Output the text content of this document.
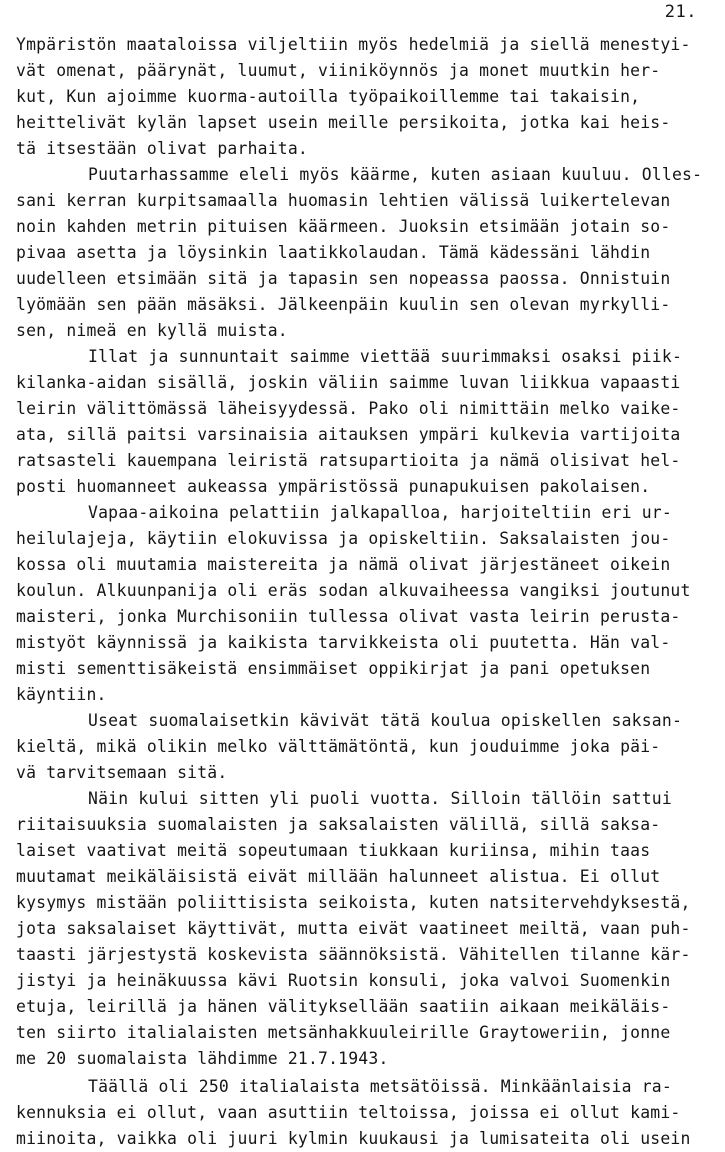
21.
Ympäristön maataloissa viljeltiin myös hedelmiä ja siellä menestyi-
vät omenat, päärynät, luumut, viiniköynnös ja monet muutkin her-
kut, Kun ajoimme kuorma-autoilla työpaikoillemme tai takaisin,
heittelivät kylän lapset usein meille persikoita, jotka kai heis-
tä itsestään olivat parhaita.
Puutarhassamme eleli myös käärme, kuten asiaan kuuluu. Olles-
sani kerran kurpitsamaalla huomasin lehtien välissä luikertelevan
noin kahden metrin pituisen käärmeen. Juoksin etsimään jotain so-
pivaa asetta ja löysinkin laatikkolaudan. Tämä kädessäni lähdin
uudelleen etsimään sitä ja tapasin sen nopeassa paossa. Onnistuin
lyömään sen pään mäsäksi. Jälkeenpäin kuulin sen olevan myrkylli-
sen, nimeä en kyllä muista.
Illat ja sunnuntait saimme viettää suurimmaksi osaksi piik-
kilanka-aidan sisällä, joskin väliin saimme luvan liikkua vapaasti
leirin välittömässä läheisyydessä. Pako oli nimittäin melko vaike-
ata, sillä paitsi varsinaisia aitauksen ympäri kulkevia vartijoita
ratsasteli kauempana leiristä ratsupartioita ja nämä olisivat hel-
posti huomanneet aukeassa ympäristössä punapukuisen pakolaisen.
Vapaa-aikoina pelattiin jalkapalloa, harjoiteltiin eri ur-
heilulajeja, käytiin elokuvissa ja opiskeltiin. Saksalaisten jou-
kossa oli muutamia maistereita ja nämä olivat järjestäneet oikein
koulun. Alkuunpanija oli eräs sodan alkuvaiheessa vangiksi joutunut
maisteri, jonka Murchisoniin tullessa olivat vasta leirin perusta-
mistyöt käynnissä ja kaikista tarvikkeista oli puutetta. Hän val-
misti sementtisäkeistä ensimmäiset oppikirjat ja pani opetuksen
käyntiin.
Useat suomalaisetkin kävivät tätä koulua opiskellen saksan-
kieltä, mikä olikin melko välttämätöntä, kun jouduimme joka päi-
vä tarvitsemaan sitä.
Näin kului sitten yli puoli vuotta. Silloin tällöin sattui
riitaisuuksia suomalaisten ja saksalaisten välillä, sillä saksa-
laiset vaativat meitä sopeutumaan tiukkaan kuriinsa, mihin taas
muutamat meikäläisistä eivät millään halunneet alistua. Ei ollut
kysymys mistään poliittisista seikoista, kuten natsitervehdyksestä,
jota saksalaiset käyttivät, mutta eivät vaatineet meiltä, vaan puh-
taasti järjestystä koskevista säännöksistä. Vähitellen tilanne kär-
jistyi ja heinäkuussa kävi Ruotsin konsuli, joka valvoi Suomenkin
etuja, leirillä ja hänen välityksellään saatiin aikaan meikäläis-
ten siirto italialaisten metsänhakkuuleirille Graytoweriin, jonne
me 20 suomalaista lähdimme 21.7.1943.
Täällä oli 250 italialaista metsätöissä. Minkäänlaisia ra-
kennuksia ei ollut, vaan asuttiin teltoissa, joissa ei ollut kami-
miinoita, vaikka oli juuri kylmin kuukausi ja lumisateita oli usein
